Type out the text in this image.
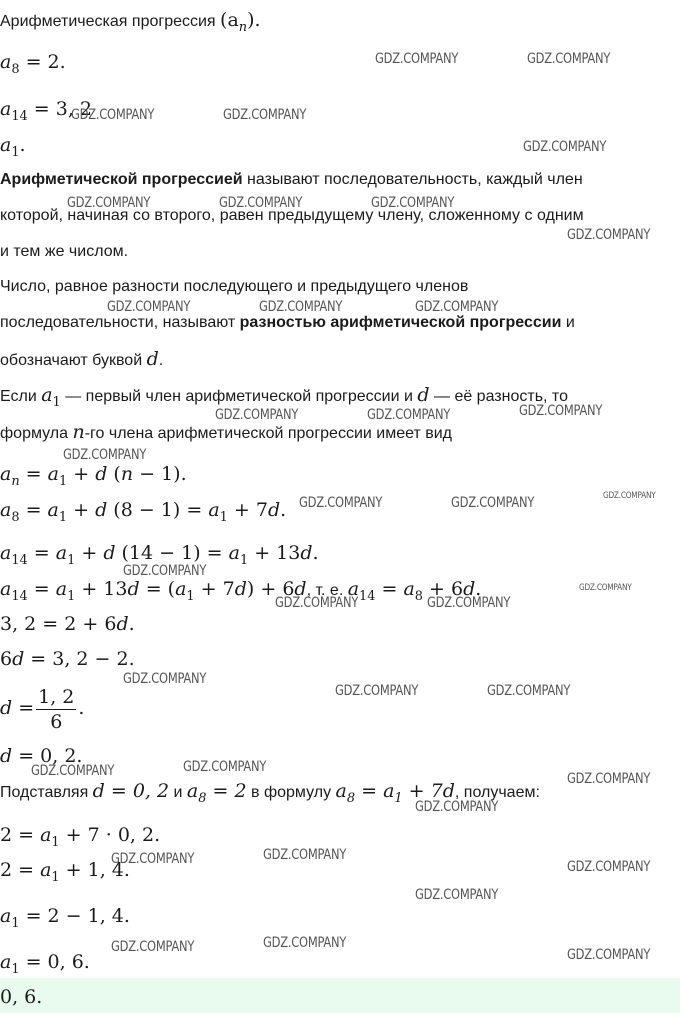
Арифметическая прогрессия $(a_n)$.
$a_8 = 2$.
$a_{14} = 3$, 2
$a_1$.
Арифметической прогрессией называют последовательность, каждый член
которой, начиная со второго, равен предыдущему члену, сложенному с одним
и тем же числом.
Число, равное разности последующего и предыдущего членов
последовательности, называют разностью арифметической прогрессии и
обозначают буквой d.
Если $a_1$ — первый член арифметической прогрессии и d — её разность, то
формула n-го члена арифметической прогрессии имеет вид
$a_n = a_1 + d$ (n − 1).
$a_8 = a_1 + d$ $(8 - 1) = a_1 + 7d$.
$a_{14} = a_1 + d$ $(14 - 1) = a_1 + 13d$.
$a_{14} = a_1 + 13d = (a_1 + 7d) + 6d$, т. е. $a_{14} = a_8 + 6d$.
3, 2 = 2 + 6d.
6d = 3, 2 − 2.
$d = \frac{1, 2}{6}$ .
d = 0, 2.
Подставляя d = 0, 2 и $a_8 = 2$ в формулу $a_8 = a_1 + 7d$, получаем:
$2 = a_1 + 7 \cdot 0$, 2.
$2 = a_1 + 1$, 4.
$a_1 = 2 - 1$, 4.
$a_1 = 0$, 6.
0, 6.
GDZ.COMPANY	GDZ.COMPANY
GDZ.COMPANY	GDZ.COMPANY
GDZ.COMPANY
GDZ.COMPANY	GDZ.COMPANY	GDZ.COMPANY
GDZ.COMPANY
GDZ.COMPANY	GDZ.COMPANY	GDZ.COMPANY
GDZ.COMPANY	GDZ.COMPANY	GDZ.COMPANY
GDZ.COMPANY
GDZ.COMPANY	GDZ.COMPANY	GDZ.COMPANY
GDZ.COMPANY
GDZ.COMPANY
GDZ.COMPANY	GDZ.COMPANY
GDZ.COMPANY
GDZ.COMPANY	GDZ.COMPANY
GDZ.COMPANY	GDZ.COMPANY
GDZ.COMPANY
GDZ.COMPANY
GDZ.COMPANY	GDZ.COMPANY
GDZ.COMPANY
GDZ.COMPANY
GDZ.COMPANY	GDZ.COMPANY
GDZ.COMPANY
